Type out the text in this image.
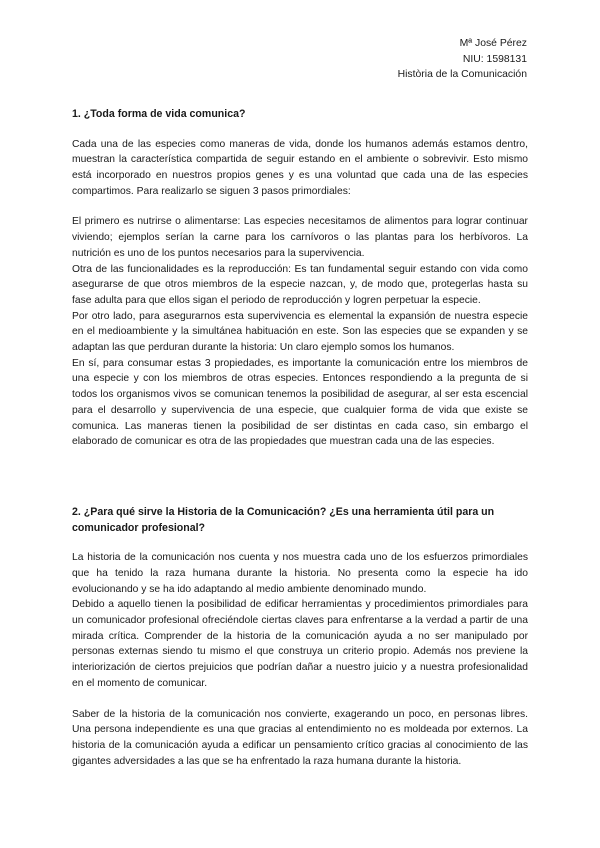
Mª José Pérez
NIU: 1598131
Història de la Comunicación

1. ¿Toda forma de vida comunica?

Cada una de las especies como maneras de vida, donde los humanos además estamos dentro, muestran la característica compartida de seguir estando en el ambiente o sobrevivir. Esto mismo está incorporado en nuestros propios genes y es una voluntad que cada una de las especies compartimos. Para realizarlo se siguen 3 pasos primordiales:

El primero es nutrirse o alimentarse: Las especies necesitamos de alimentos para lograr continuar viviendo; ejemplos serían la carne para los carnívoros o las plantas para los herbívoros. La nutrición es uno de los puntos necesarios para la supervivencia.

Otra de las funcionalidades es la reproducción: Es tan fundamental seguir estando con vida como asegurarse de que otros miembros de la especie nazcan, y, de modo que, protegerlas hasta su fase adulta para que ellos sigan el periodo de reproducción y logren perpetuar la especie.

Por otro lado, para asegurarnos esta supervivencia es elemental la expansión de nuestra especie en el medioambiente y la simultánea habituación en este. Son las especies que se expanden y se adaptan las que perduran durante la historia: Un claro ejemplo somos los humanos.

En sí, para consumar estas 3 propiedades, es importante la comunicación entre los miembros de una especie y con los miembros de otras especies. Entonces respondiendo a la pregunta de si todos los organismos vivos se comunican tenemos la posibilidad de asegurar, al ser esta escencial para el desarrollo y supervivencia de una especie, que cualquier forma de vida que existe se comunica. Las maneras tienen la posibilidad de ser distintas en cada caso, sin embargo el elaborado de comunicar es otra de las propiedades que muestran cada una de las especies.

2. ¿Para qué sirve la Historia de la Comunicación? ¿Es una herramienta útil para un comunicador profesional?

La historia de la comunicación nos cuenta y nos muestra cada uno de los esfuerzos primordiales que ha tenido la raza humana durante la historia. No presenta como la especie ha ido evolucionando y se ha ido adaptando al medio ambiente denominado mundo.

Debido a aquello tienen la posibilidad de edificar herramientas y procedimientos primordiales para un comunicador profesional ofreciéndole ciertas claves para enfrentarse a la verdad a partir de una mirada crítica. Comprender de la historia de la comunicación ayuda a no ser manipulado por personas externas siendo tu mismo el que construya un criterio propio. Además nos previene la interiorización de ciertos prejuicios que podrían dañar a nuestro juicio y a nuestra profesionalidad en el momento de comunicar.

Saber de la historia de la comunicación nos convierte, exagerando un poco, en personas libres. Una persona independiente es una que gracias al entendimiento no es moldeada por externos. La historia de la comunicación ayuda a edificar un pensamiento crítico gracias al conocimiento de las gigantes adversidades a las que se ha enfrentado la raza humana durante la historia.
